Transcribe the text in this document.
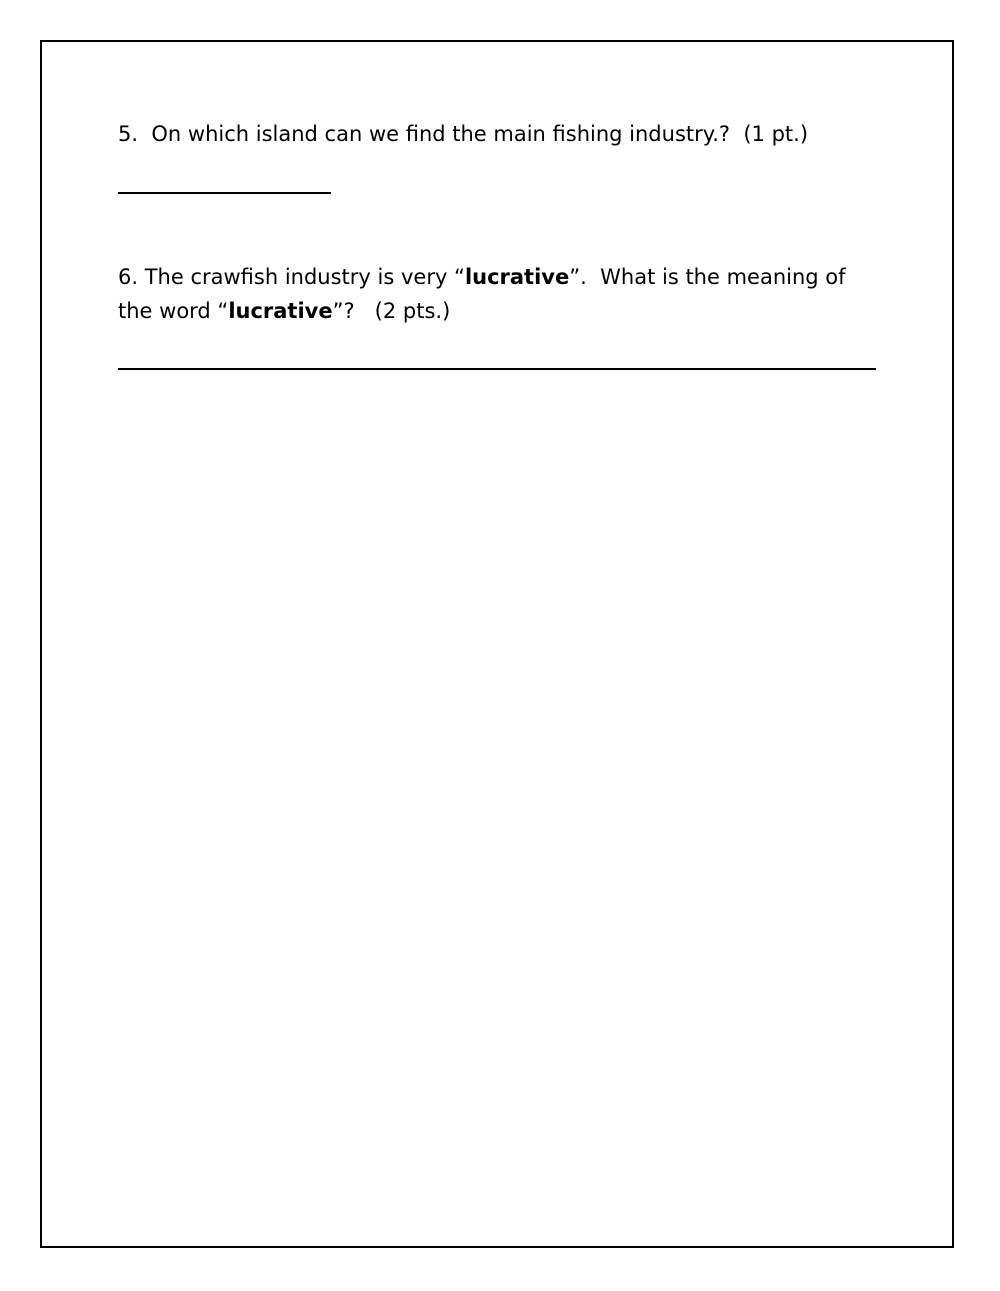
5.  On which island can we find the main fishing industry.?  (1 pt.)
6. The crawfish industry is very “lucrative”.  What is the meaning of
the word “lucrative”?   (2 pts.)
